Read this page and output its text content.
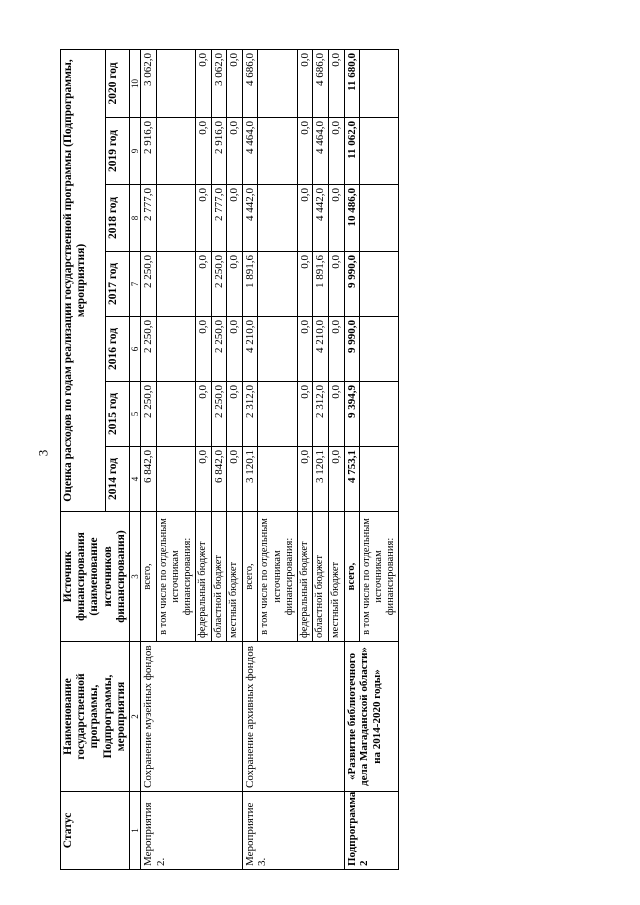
3
Статус	Наименование государственной программы, Подпрограммы, мероприятия	Источник финансирования (наименование источников финансирования)	Оценка расходов по годам реализации государственной программы (Подпрограммы, мероприятия)						
			2014 год	2015 год	2016 год	2017 год	2018 год	2019 год	2020 год
1	2	3	4	5	6	7	8	9	10
Мероприятия 2.	Сохранение музейных фондов	всего,	6 842,0	2 250,0	2 250,0	2 250,0	2 777,0	2 916,0	3 062,0
		в том числе по отдельным источникам финансирования:							
		федеральный бюджет	0,0	0,0	0,0	0,0	0,0	0,0	0,0
		областной бюджет	6 842,0	2 250,0	2 250,0	2 250,0	2 777,0	2 916,0	3 062,0
		местный бюджет	0,0	0,0	0,0	0,0	0,0	0,0	0,0
Мероприятие 3.	Сохранение архивных фондов	всего,	3 120,1	2 312,0	4 210,0	1 891,6	4 442,0	4 464,0	4 686,0
		в том числе по отдельным источникам финансирования:							
		федеральный бюджет	0,0	0,0	0,0	0,0	0,0	0,0	0,0
		областной бюджет	3 120,1	2 312,0	4 210,0	1 891,6	4 442,0	4 464,0	4 686,0
		местный бюджет	0,0	0,0	0,0	0,0	0,0	0,0	0,0
Подпрограмма 2	«Развитие библиотечного дела Магаданской области» на 2014-2020 годы»	всего,	4 753,1	9 394,9	9 990,0	9 990,0	10 486,0	11 062,0	11 680,0
		в том числе по отдельным источникам финансирования:							
